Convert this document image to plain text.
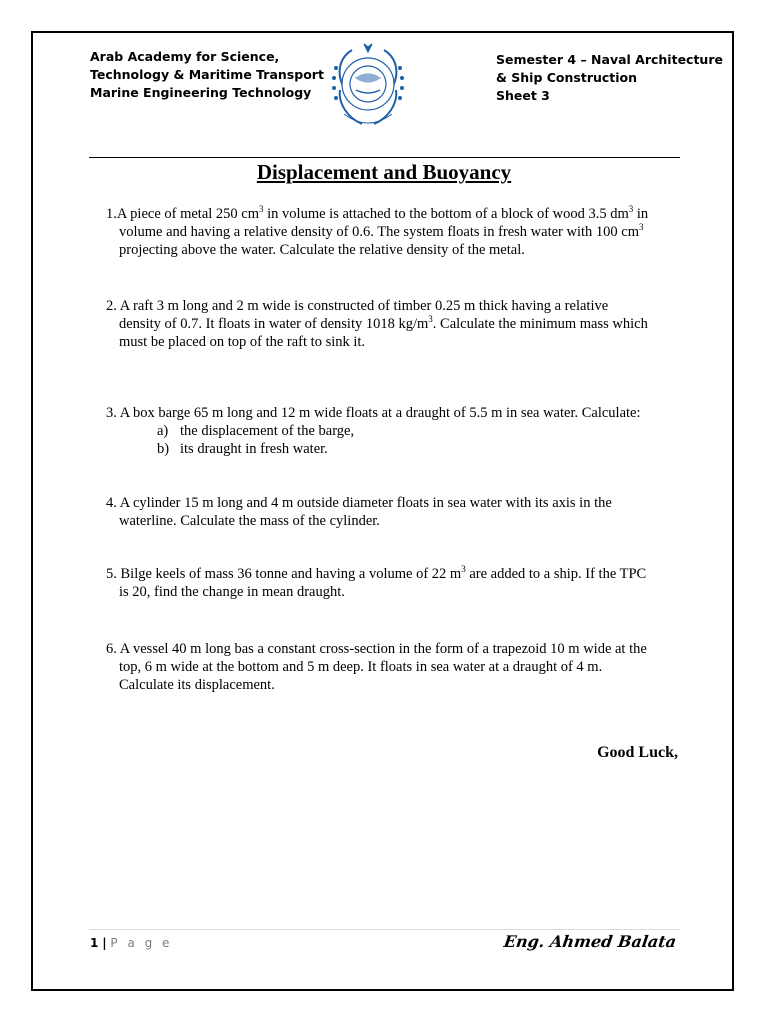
Arab Academy for Science,
Technology & Maritime Transport
Marine Engineering Technology
Semester 4 – Naval Architecture
& Ship Construction
Sheet 3
Displacement and Buoyancy
1.A piece of metal 250 $cm^3$ in volume is attached to the bottom of a block of wood 3.5 $dm^3$ in
volume and having a relative density of 0.6. The system floats in fresh water with 100 $cm^3$
projecting above the water. Calculate the relative density of the metal.
2. A raft 3 m long and 2 m wide is constructed of timber 0.25 m thick having a relative
density of 0.7. It floats in water of density 1018 $kg/m^3$. Calculate the minimum mass which
must be placed on top of the raft to sink it.
3. A box barge 65 m long and 12 m wide floats at a draught of 5.5 m in sea water. Calculate:
a) the displacement of the barge,
b) its draught in fresh water.
4. A cylinder 15 m long and 4 m outside diameter floats in sea water with its axis in the
waterline. Calculate the mass of the cylinder.
5. Bilge keels of mass 36 tonne and having a volume of 22 $m^3$ are added to a ship. If the TPC
is 20, find the change in mean draught.
6. A vessel 40 m long bas a constant cross-section in the form of a trapezoid 10 m wide at the
top, 6 m wide at the bottom and 5 m deep. It floats in sea water at a draught of 4 m.
Calculate its displacement.
Good Luck,
1 | P a g e	Eng. Ahmed Balata
